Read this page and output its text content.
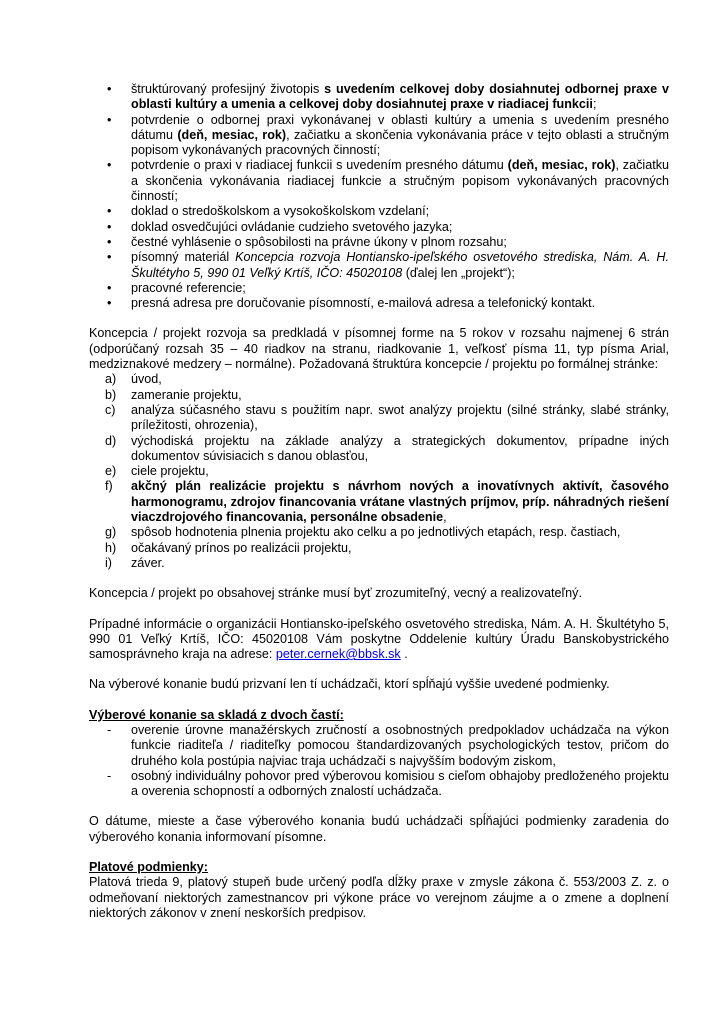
• štruktúrovaný profesijný životopis s uvedením celkovej doby dosiahnutej odbornej praxe v oblasti kultúry a umenia a celkovej doby dosiahnutej praxe v riadiacej funkcii;
• potvrdenie o odbornej praxi vykonávanej v oblasti kultúry a umenia s uvedením presného dátumu (deň, mesiac, rok), začiatku a skončenia vykonávania práce v tejto oblasti a stručným popisom vykonávaných pracovných činností;
• potvrdenie o praxi v riadiacej funkcii s uvedením presného dátumu (deň, mesiac, rok), začiatku a skončenia vykonávania riadiacej funkcie a stručným popisom vykonávaných pracovných činností;
• doklad o stredoškolskom a vysokoškolskom vzdelaní;
• doklad osvedčujúci ovládanie cudzieho svetového jazyka;
• čestné vyhlásenie o spôsobilosti na právne úkony v plnom rozsahu;
• písomný materiál Koncepcia rozvoja Hontiansko-ipeľského osvetového strediska, Nám. A. H. Škultétyho 5, 990 01 Veľký Krtíš, IČO: 45020108 (ďalej len „projekt“);
• pracovné referencie;
• presná adresa pre doručovanie písomností, e-mailová adresa a telefonický kontakt.

Koncepcia / projekt rozvoja sa predkladá v písomnej forme na 5 rokov v rozsahu najmenej 6 strán (odporúčaný rozsah 35 – 40 riadkov na stranu, riadkovanie 1, veľkosť písma 11, typ písma Arial, medziznakové medzery – normálne). Požadovaná štruktúra koncepcie / projektu po formálnej stránke:

a) úvod,
b) zameranie projektu,
c) analýza súčasného stavu s použitím napr. swot analýzy projektu (silné stránky, slabé stránky, príležitosti, ohrozenia),
d) východiská projektu na základe analýzy a strategických dokumentov, prípadne iných dokumentov súvisiacich s danou oblasťou,
e) ciele projektu,
f) akčný plán realizácie projektu s návrhom nových a inovatívnych aktivít, časového harmonogramu, zdrojov financovania vrátane vlastných príjmov, príp. náhradných riešení viaczdrojového financovania, personálne obsadenie,
g) spôsob hodnotenia plnenia projektu ako celku a po jednotlivých etapách, resp. častiach,
h) očakávaný prínos po realizácii projektu,
i) záver.

Koncepcia / projekt po obsahovej stránke musí byť zrozumiteľný, vecný a realizovateľný.

Prípadné informácie o organizácii Hontiansko-ipeľského osvetového strediska, Nám. A. H. Škultétyho 5, 990 01 Veľký Krtíš, IČO: 45020108 Vám poskytne Oddelenie kultúry Úradu Banskobystrického samosprávneho kraja na adrese: peter.cernek@bbsk.sk .

Na výberové konanie budú prizvaní len tí uchádzači, ktorí spĺňajú vyššie uvedené podmienky.

Výberové konanie sa skladá z dvoch častí:

- overenie úrovne manažérskych zručností a osobnostných predpokladov uchádzača na výkon funkcie riaditeľa / riaditeľky pomocou štandardizovaných psychologických testov, pričom do druhého kola postúpia najviac traja uchádzači s najvyšším bodovým ziskom,
- osobný individuálny pohovor pred výberovou komisiou s cieľom obhajoby predloženého projektu a overenia schopností a odborných znalostí uchádzača.

O dátume, mieste a čase výberového konania budú uchádzači spĺňajúci podmienky zaradenia do výberového konania informovaní písomne.

Platové podmienky:

Platová trieda 9, platový stupeň bude určený podľa dĺžky praxe v zmysle zákona č. 553/2003 Z. z. o odmeňovaní niektorých zamestnancov pri výkone práce vo verejnom záujme a o zmene a doplnení niektorých zákonov v znení neskorších predpisov.
